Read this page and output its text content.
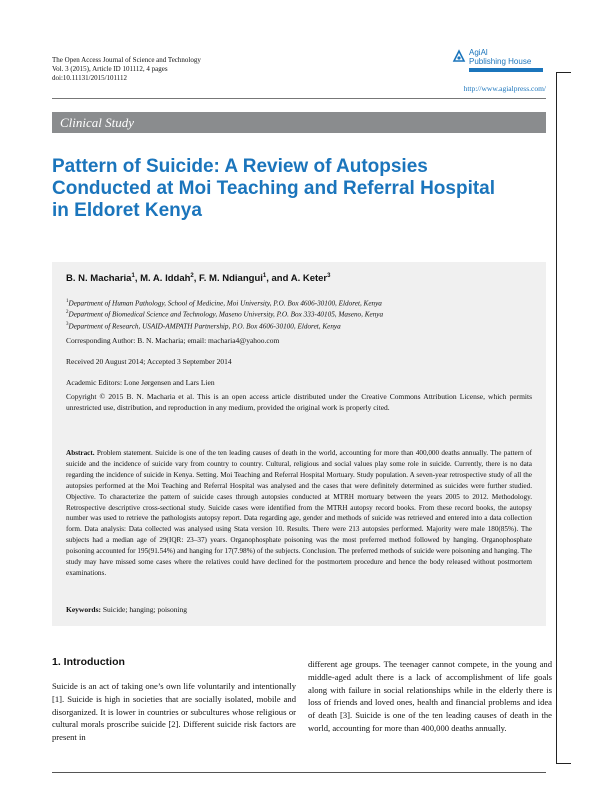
The Open Access Journal of Science and Technology
Vol. 3 (2015), Article ID 101112, 4 pages
doi:10.11131/2015/101112
AgiAl
Publishing House
http://www.agialpress.com/
Clinical Study
Pattern of Suicide: A Review of Autopsies Conducted at Moi Teaching and Referral Hospital in Eldoret Kenya
B. N. Macharia$^1$, M. A. Iddah$^2$, F. M. Ndiangui$^1$, and A. Keter$^3$
$^1$Department of Human Pathology, School of Medicine, Moi University, P.O. Box 4606-30100, Eldoret, Kenya
$^2$Department of Biomedical Science and Technology, Maseno University, P.O. Box 333-40105, Maseno, Kenya
$^3$Department of Research, USAID-AMPATH Partnership, P.O. Box 4606-30100, Eldoret, Kenya
Corresponding Author: B. N. Macharia; email: macharia4@yahoo.com
Received 20 August 2014; Accepted 3 September 2014
Academic Editors: Lone Jørgensen and Lars Lien
Copyright © 2015 B. N. Macharia et al. This is an open access article distributed under the Creative Commons Attribution License, which permits unrestricted use, distribution, and reproduction in any medium, provided the original work is properly cited.
Abstract. Problem statement. Suicide is one of the ten leading causes of death in the world, accounting for more than 400,000 deaths annually. The pattern of suicide and the incidence of suicide vary from country to country. Cultural, religious and social values play some role in suicide. Currently, there is no data regarding the incidence of suicide in Kenya. Setting. Moi Teaching and Referral Hospital Mortuary. Study population. A seven-year retrospective study of all the autopsies performed at the Moi Teaching and Referral Hospital was analysed and the cases that were definitely determined as suicides were further studied. Objective. To characterize the pattern of suicide cases through autopsies conducted at MTRH mortuary between the years 2005 to 2012. Methodology. Retrospective descriptive cross-sectional study. Suicide cases were identified from the MTRH autopsy record books. From these record books, the autopsy number was used to retrieve the pathologists autopsy report. Data regarding age, gender and methods of suicide was retrieved and entered into a data collection form. Data analysis: Data collected was analysed using Stata version 10. Results. There were 213 autopsies performed. Majority were male 180(85%). The subjects had a median age of 29(IQR: 23–37) years. Organophosphate poisoning was the most preferred method followed by hanging. Organophosphate poisoning accounted for 195(91.54%) and hanging for 17(7.98%) of the subjects. Conclusion. The preferred methods of suicide were poisoning and hanging. The study may have missed some cases where the relatives could have declined for the postmortem procedure and hence the body released without postmortem examinations.
Keywords: Suicide; hanging; poisoning
1. Introduction
Suicide is an act of taking one’s own life voluntarily and intentionally [1]. Suicide is high in societies that are socially isolated, mobile and disorganized. It is lower in countries or subcultures whose religious or cultural morals proscribe suicide [2]. Different suicide risk factors are present in
different age groups. The teenager cannot compete, in the young and middle-aged adult there is a lack of accomplishment of life goals along with failure in social relationships while in the elderly there is loss of friends and loved ones, health and financial problems and idea of death [3]. Suicide is one of the ten leading causes of death in the world, accounting for more than 400,000 deaths annually.
